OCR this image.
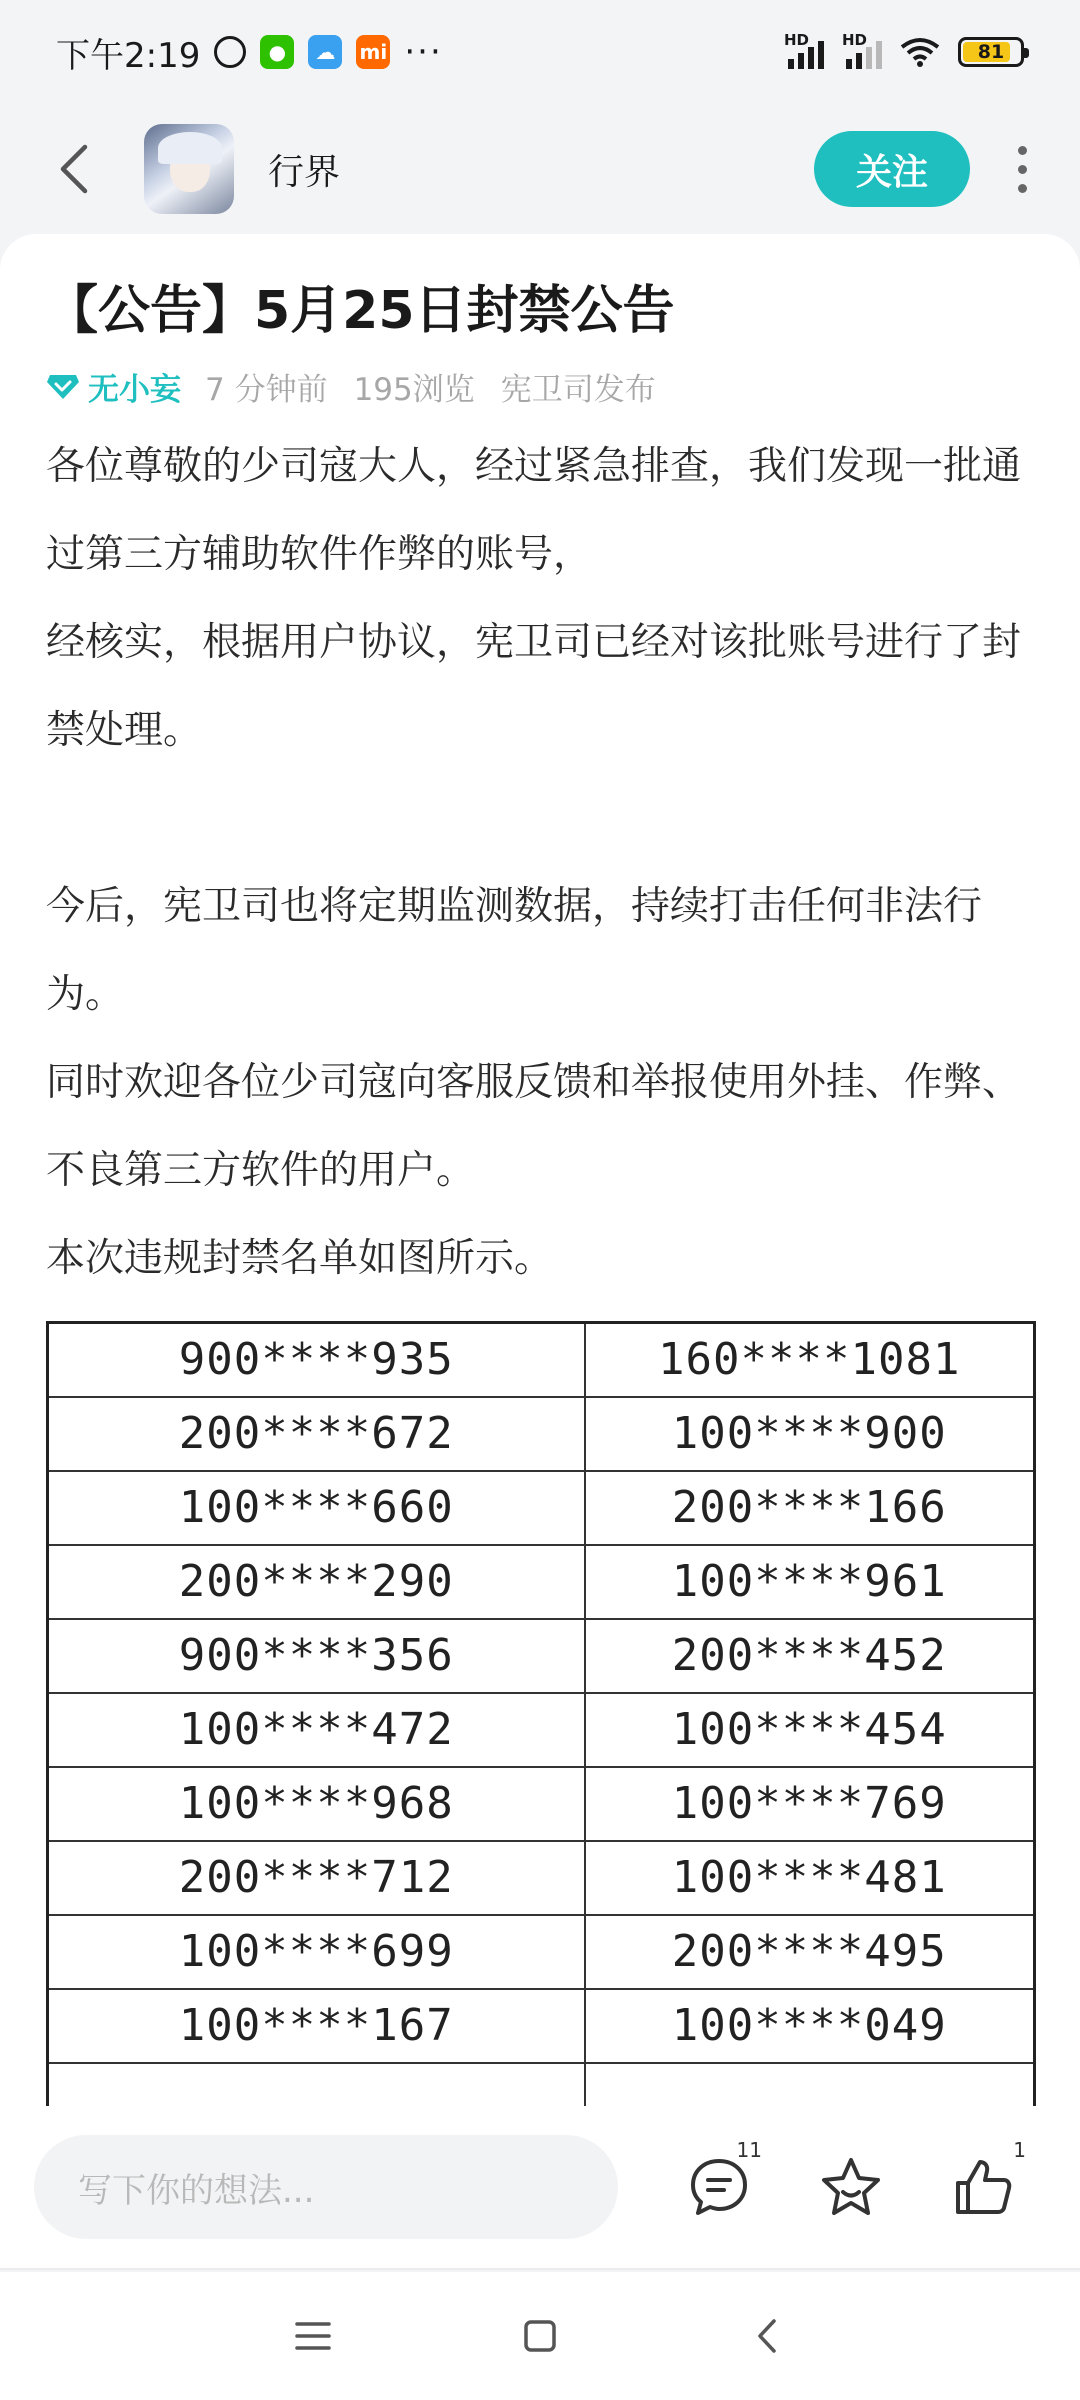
下午2:19	●	☁	mi ···	HD HD
81
行界	关注
【公告】5月25日封禁公告
无小妄 7 分钟前 195浏览 宪卫司发布

各位尊敬的少司寇大人，经过紧急排查，我们发现一批通过第三方辅助软件作弊的账号，

经核实，根据用户协议，宪卫司已经对该批账号进行了封禁处理。

今后，宪卫司也将定期监测数据，持续打击任何非法行为。

同时欢迎各位少司寇向客服反馈和举报使用外挂、作弊、不良第三方软件的用户。

本次违规封禁名单如图所示。

900****935	160****1081
200****672	100****900
100****660	200****166
200****290	100****961
900****356	200****452
100****472	100****454
100****968	100****769
200****712	100****481
100****699	200****495
100****167	100****049

写下你的想法...
11	1
